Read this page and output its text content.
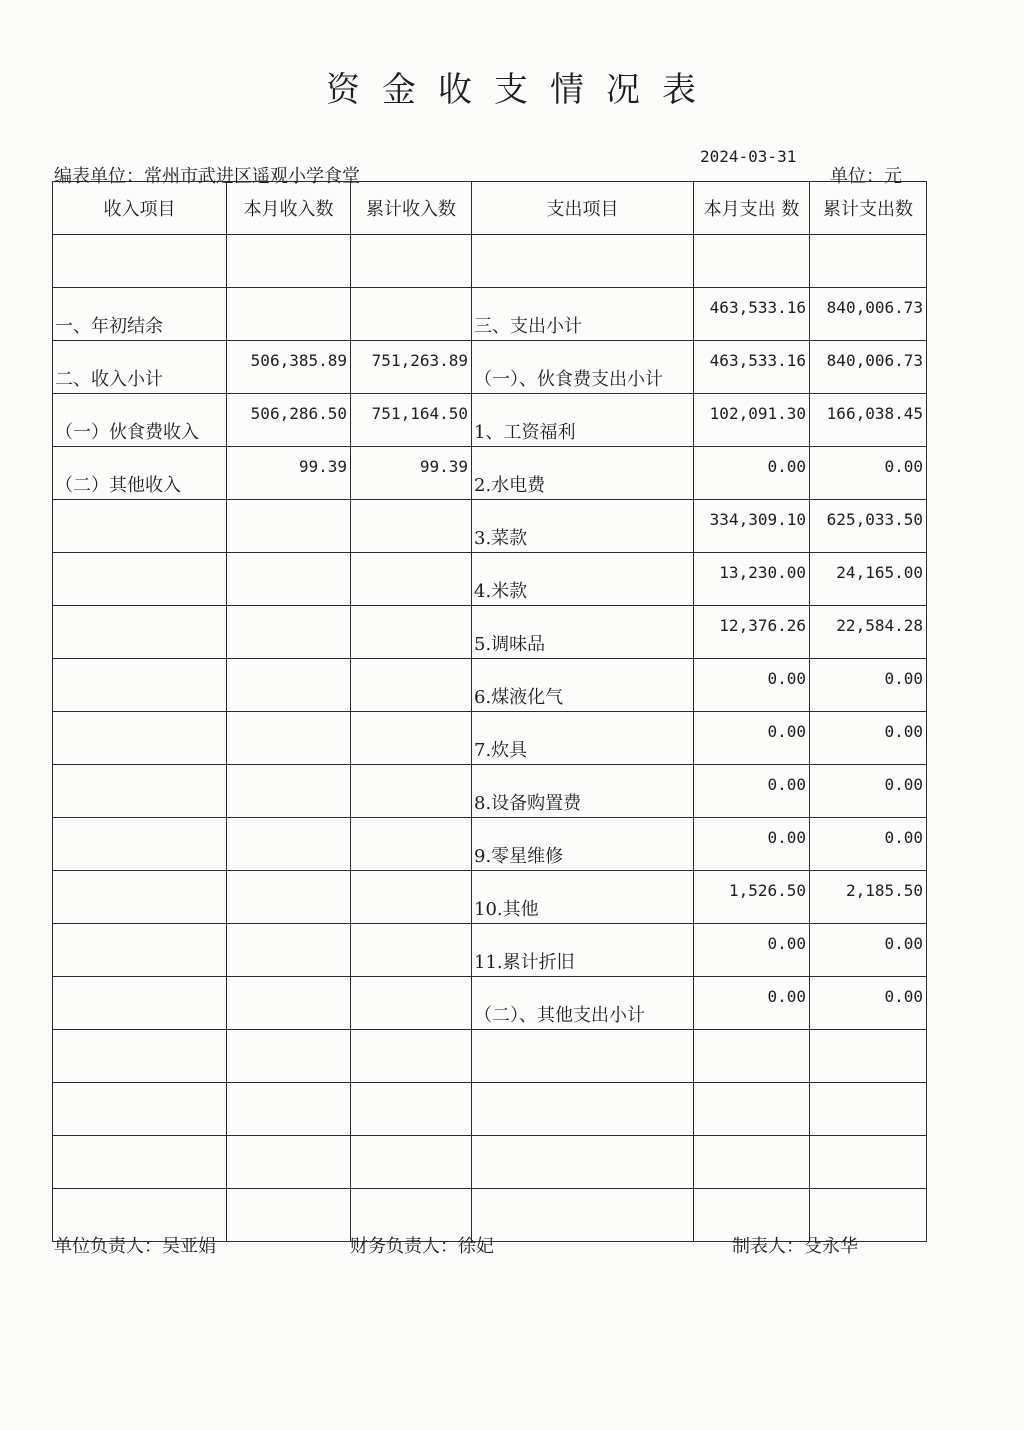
资金收支情况表
2024-03-31
编表单位：常州市武进区遥观小学食堂	单位：元
收入项目	本月收入数	累计收入数	支出项目	本月支出 数	累计支出数

一、年初结余			三、支出小计	463,533.16	840,006.73

二、收入小计	506,385.89	751,263.89	（一）、伙食费支出小计	463,533.16	840,006.73

（一）伙食费收入	506,286.50	751,164.50	1、工资福利	102,091.30	166,038.45

（二）其他收入	99.39	99.39	2.水电费	0.00	0.00

			3.菜款	334,309.10	625,033.50

			4.米款	13,230.00	24,165.00

			5.调味品	12,376.26	22,584.28

			6.煤液化气	0.00	0.00

			7.炊具	0.00	0.00

			8.设备购置费	0.00	0.00

			9.零星维修	0.00	0.00

			10.其他	1,526.50	2,185.50

			11.累计折旧	0.00	0.00

			（二）、其他支出小计	0.00	0.00

单位负责人：吴亚娟	财务负责人：徐妃	制表人：殳永华
